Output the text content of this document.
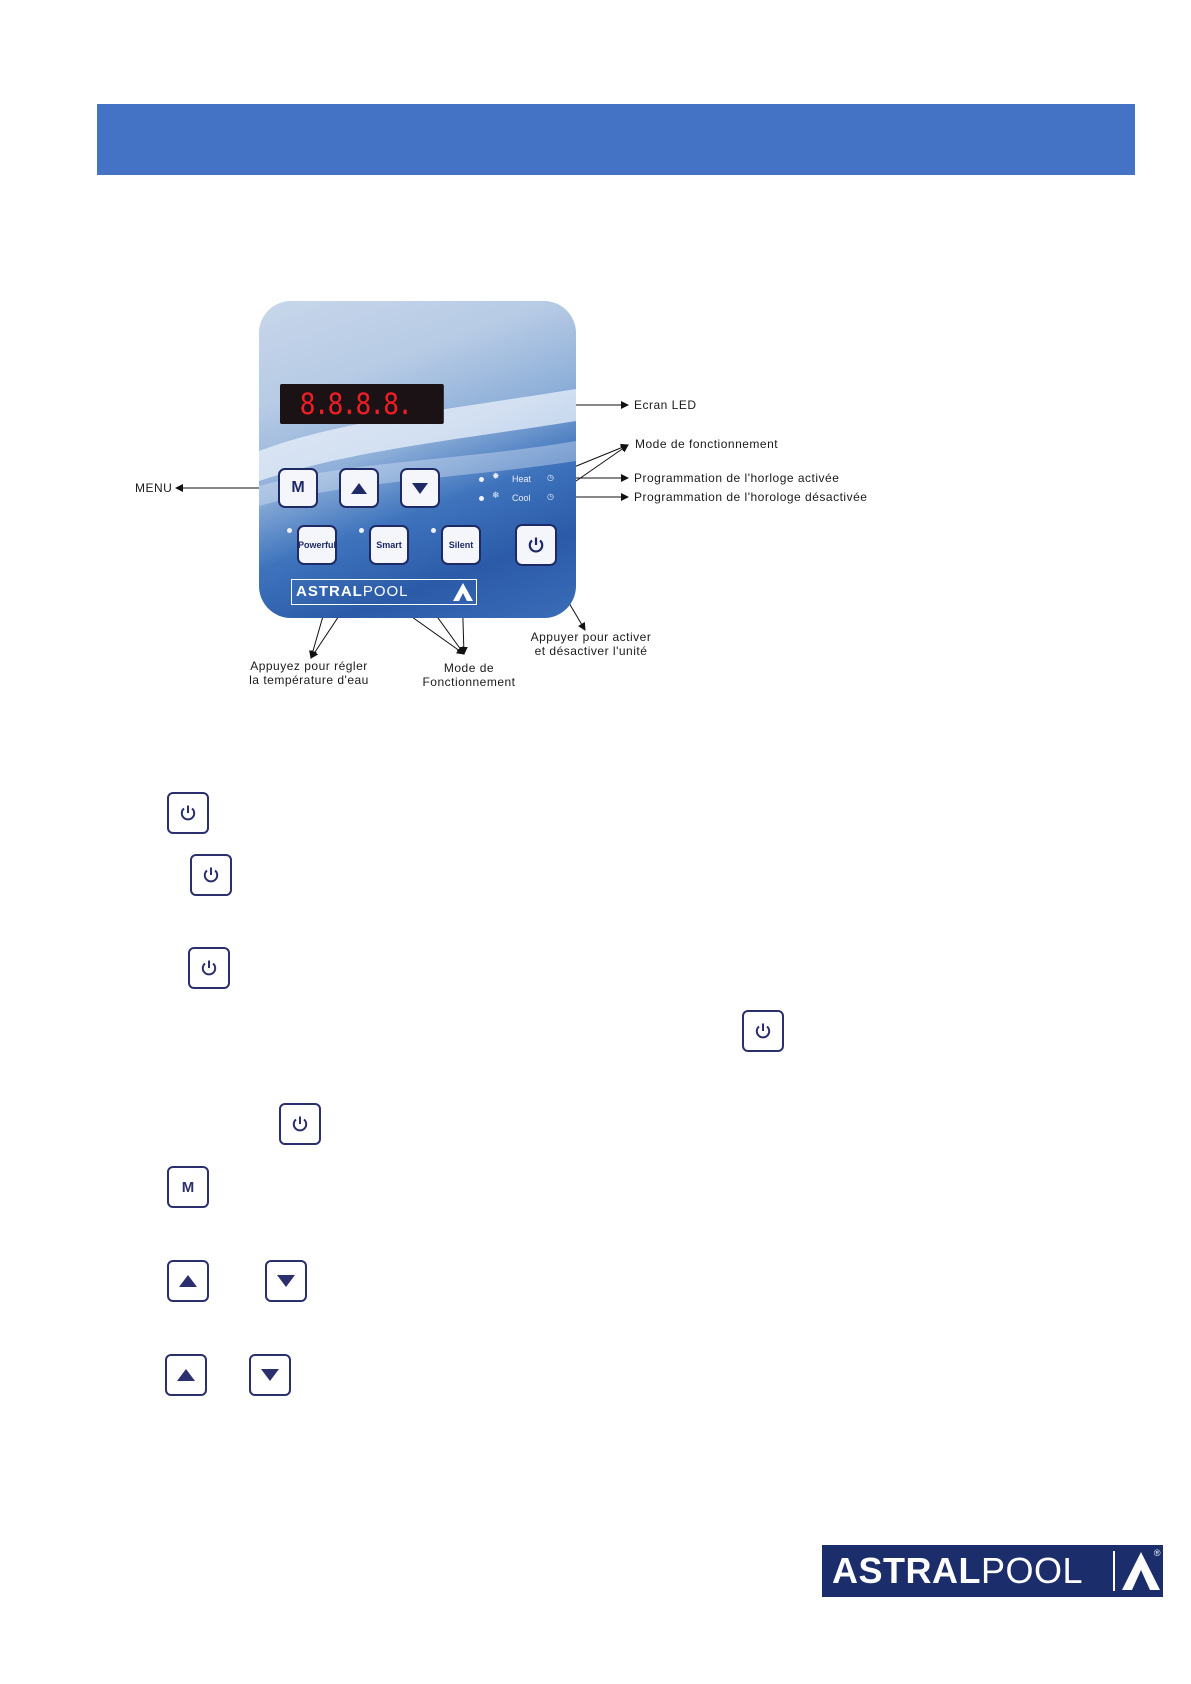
8.8.8.8.
M
✸ Heat ◷
❄ Cool ◷
Powerful	Smart	Silent
ASTRALPOOL
Ecran LED
Mode de fonctionnement
Programmation de l'horloge activée
Programmation de l'horologe désactivée
MENU
Appuyer pour activer
et désactiver l'unité
Appuyez pour régler
la température d'eau
Mode de
Fonctionnement
M
ASTRALPOOL	®
